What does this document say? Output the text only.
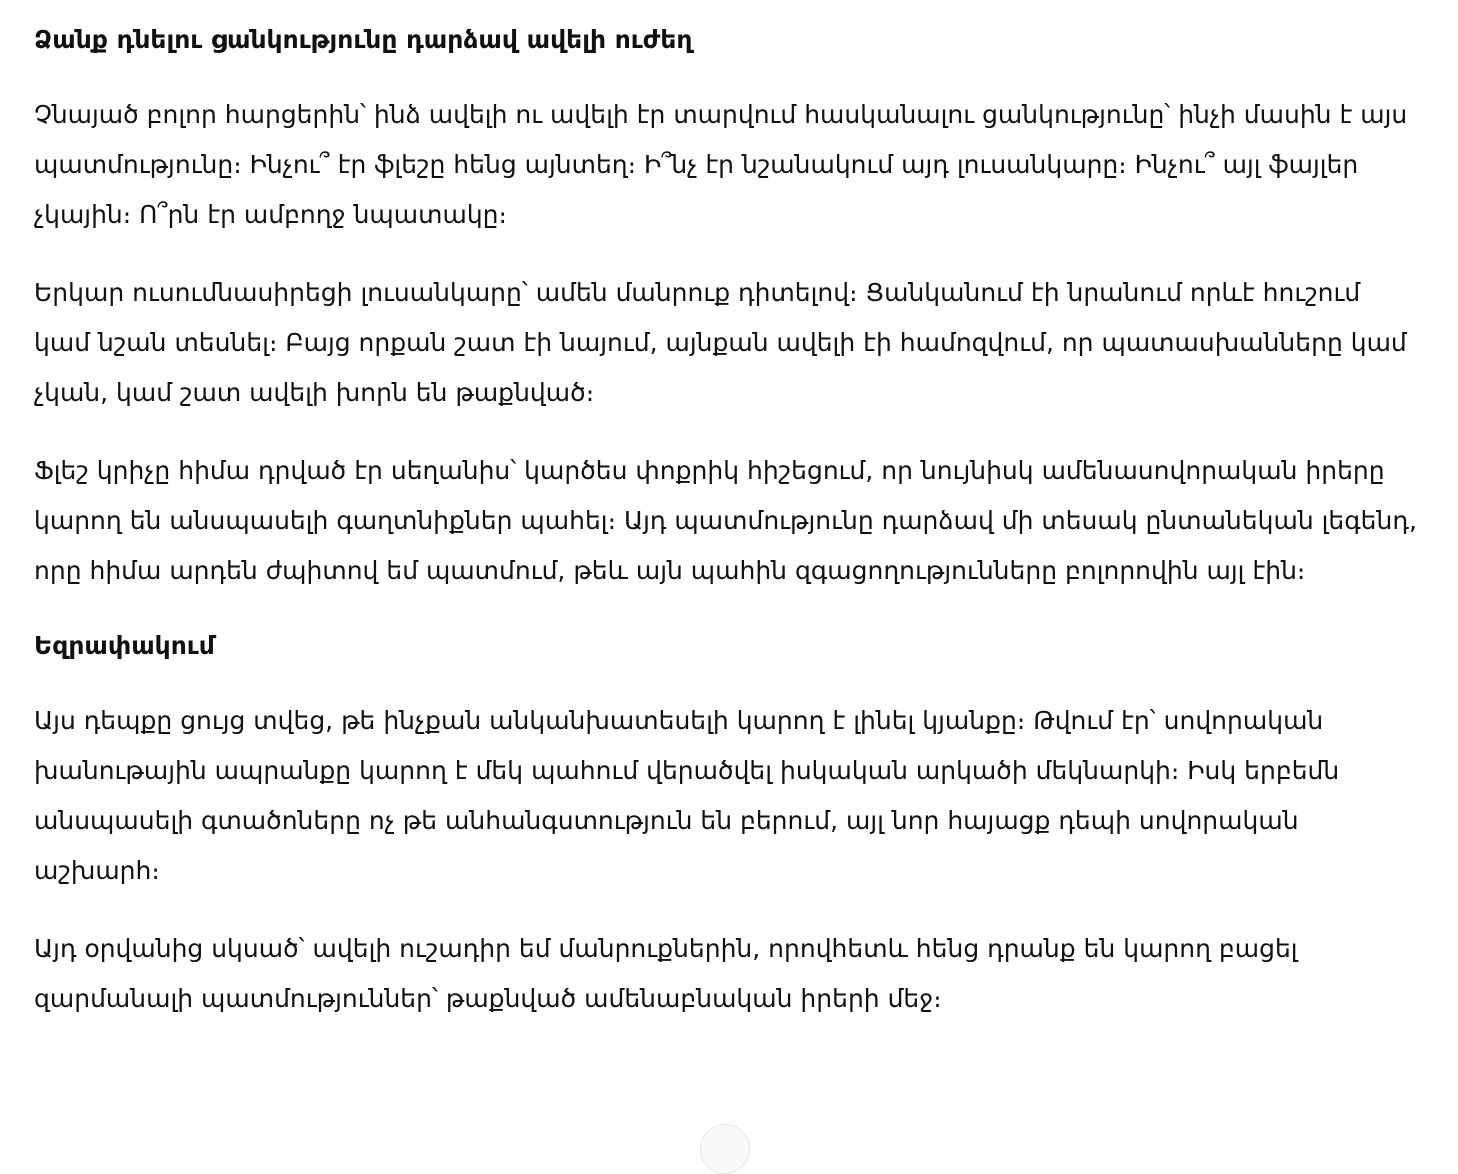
Ձանք դնելու ցանկությունը դարձավ ավելի ուժեղ

Չնայած բոլոր հարցերին՝ ինձ ավելի ու ավելի էր տարվում հասկանալու ցանկությունը՝ ինչի մասին է այս պատմությունը։ Ինչու՞ էր ֆլեշը հենց այնտեղ։ Ի՞նչ էր նշանակում այդ լուսանկարը։ Ինչու՞ այլ ֆայլեր չկային։ Ո՞րն էր ամբողջ նպատակը։

Երկար ուսումնասիրեցի լուսանկարը՝ ամեն մանրուք դիտելով։ Ցանկանում էի նրանում որևէ հուշում կամ նշան տեսնել։ Բայց որքան շատ էի նայում, այնքան ավելի էի համոզվում, որ պատասխանները կամ չկան, կամ շատ ավելի խորն են թաքնված։

Ֆլեշ կրիչը հիմա դրված էր սեղանիս՝ կարծես փոքրիկ հիշեցում, որ նույնիսկ ամենասովորական իրերը կարող են անսպասելի գաղտնիքներ պահել։ Այդ պատմությունը դարձավ մի տեսակ ընտանեկան լեգենդ, որը հիմա արդեն ժպիտով եմ պատմում, թեև այն պահին զգացողությունները բոլորովին այլ էին։

Եզրափակում

Այս դեպքը ցույց տվեց, թե ինչքան անկանխատեսելի կարող է լինել կյանքը։ Թվում էր՝ սովորական խանութային ապրանքը կարող է մեկ պահում վերածվել իսկական արկածի մեկնարկի։ Իսկ երբեմն անսպասելի գտածոները ոչ թե անհանգստություն են բերում, այլ նոր հայացք դեպի սովորական աշխարհ։

Այդ օրվանից սկսած՝ ավելի ուշադիր եմ մանրուքներին, որովհետև հենց դրանք են կարող բացել զարմանալի պատմություններ՝ թաքնված ամենաբնական իրերի մեջ։
